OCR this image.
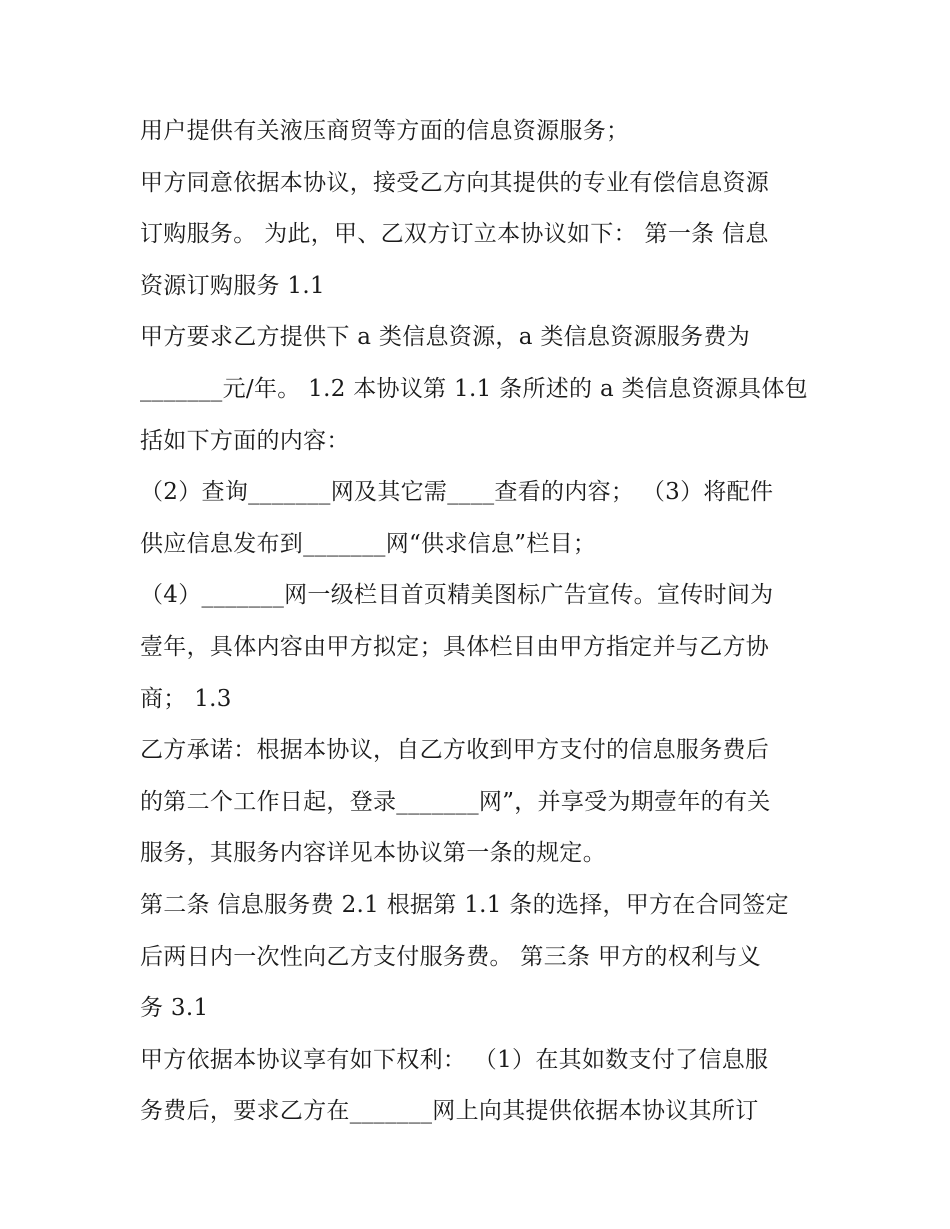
用户提供有关液压商贸等方面的信息资源服务；
甲方同意依据本协议，接受乙方向其提供的专业有偿信息资源
订购服务。 为此，甲、乙双方订立本协议如下： 第一条 信息
资源订购服务 1.1
甲方要求乙方提供下 a 类信息资源，a 类信息资源服务费为
_______元/年。 1.2 本协议第 1.1 条所述的 a 类信息资源具体包
括如下方面的内容：
（2）查询_______网及其它需____查看的内容； （3）将配件
供应信息发布到_______网“供求信息”栏目；
（4）_______网一级栏目首页精美图标广告宣传。宣传时间为
壹年，具体内容由甲方拟定；具体栏目由甲方指定并与乙方协
商； 1.3
乙方承诺：根据本协议，自乙方收到甲方支付的信息服务费后
的第二个工作日起，登录_______网”，并享受为期壹年的有关
服务，其服务内容详见本协议第一条的规定。
第二条 信息服务费 2.1 根据第 1.1 条的选择，甲方在合同签定
后两日内一次性向乙方支付服务费。 第三条 甲方的权利与义
务 3.1
甲方依据本协议享有如下权利： （1）在其如数支付了信息服
务费后，要求乙方在_______网上向其提供依据本协议其所订
